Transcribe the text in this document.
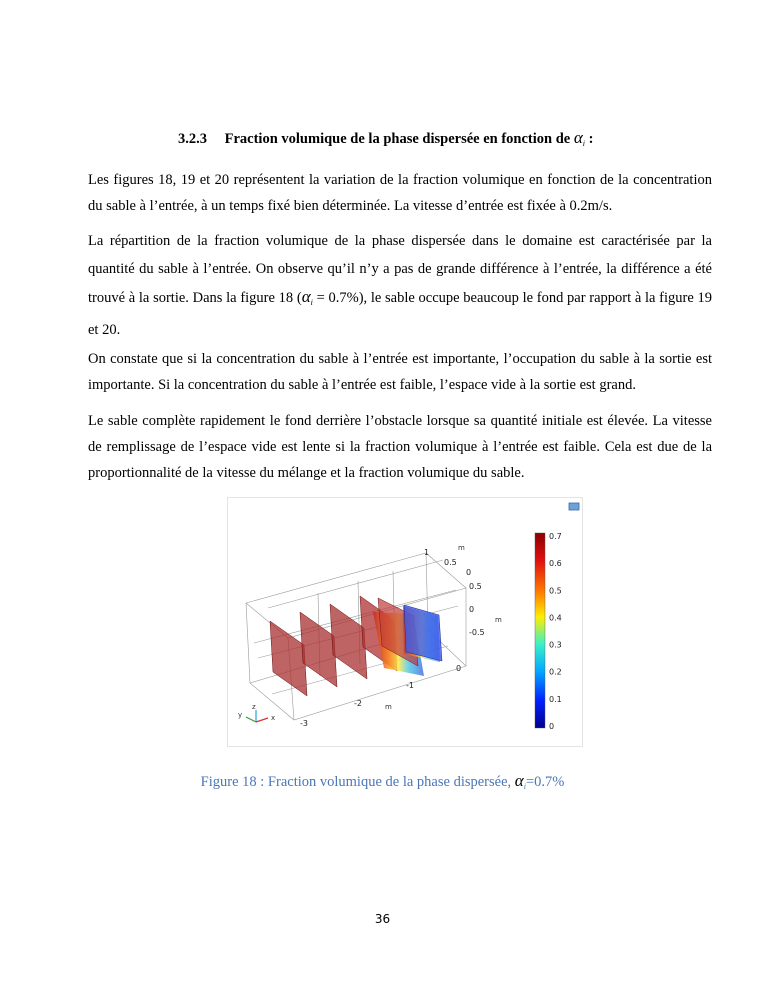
3.2.3 Fraction volumique de la phase dispersée en fonction de $\alpha_i$ :

Les figures 18, 19 et 20 représentent la variation de la fraction volumique en fonction de la concentration du sable à l’entrée, à un temps fixé bien déterminée. La vitesse d’entrée est fixée à 0.2m/s.

La répartition de la fraction volumique de la phase dispersée dans le domaine est caractérisée par la quantité du sable à l’entrée. On observe qu’il n’y a pas de grande différence à l’entrée, la différence a été trouvé à la sortie. Dans la figure 18 $(\alpha_i = 0.7\%)$, le sable occupe beaucoup le fond par rapport à la figure 19 et 20.

On constate que si la concentration du sable à l’entrée est importante, l’occupation du sable à la sortie est importante. Si la concentration du sable à l’entrée est faible, l’espace vide à la sortie est grand.

Le sable complète rapidement le fond derrière l’obstacle lorsque sa quantité initiale est élevée. La vitesse de remplissage de l’espace vide est lente si la fraction volumique à l’entrée est faible. Cela est due de la proportionnalité de la vitesse du mélange et la fraction volumique du sable.

1
0.5
0
0.5
0
-0.5
0
-1
-2
-3
m
m
m
z
x
y
0.7
0.6
0.5
0.4
0.3
0.2
0.1
0
Figure 18 : Fraction volumique de la phase dispersée, $\alpha_i=0.7\%$
36
